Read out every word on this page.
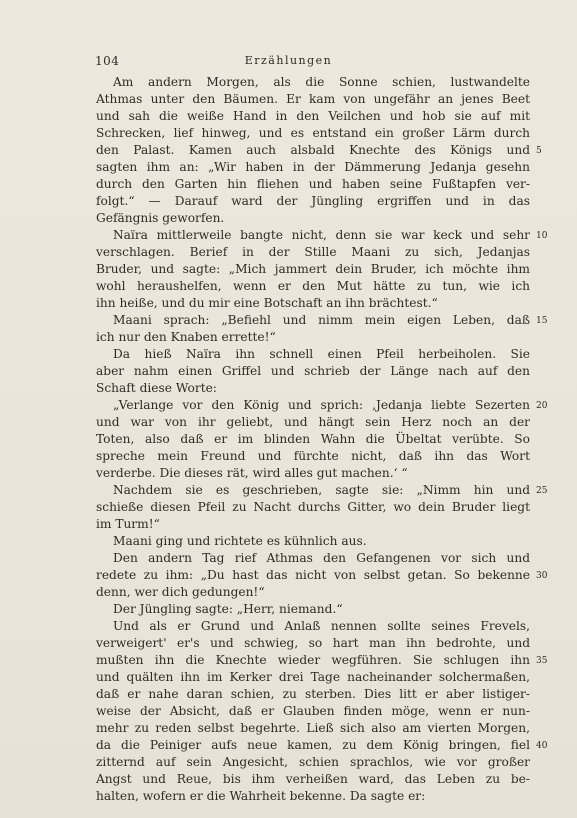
104	Erzählungen
Am andern Morgen, als die Sonne schien, lustwandelte
Athmas unter den Bäumen. Er kam von ungefähr an jenes Beet
und sah die weiße Hand in den Veilchen und hob sie auf mit
Schrecken, lief hinweg, und es entstand ein großer Lärm durch
den Palast. Kamen auch alsbald Knechte des Königs und 5
sagten ihm an: „Wir haben in der Dämmerung Jedanja gesehn
durch den Garten hin fliehen und haben seine Fußtapfen ver-
folgt.“ — Darauf ward der Jüngling ergriffen und in das
Gefängnis geworfen.
Naïra mittlerweile bangte nicht, denn sie war keck und sehr 10
verschlagen. Berief in der Stille Maani zu sich, Jedanjas
Bruder, und sagte: „Mich jammert dein Bruder, ich möchte ihm
wohl heraushelfen, wenn er den Mut hätte zu tun, wie ich
ihn heiße, und du mir eine Botschaft an ihn brächtest.“
Maani sprach: „Befiehl und nimm mein eigen Leben, daß 15
ich nur den Knaben errette!“
Da hieß Naïra ihn schnell einen Pfeil herbeiholen. Sie
aber nahm einen Griffel und schrieb der Länge nach auf den
Schaft diese Worte:
„Verlange vor den König und sprich: ‚Jedanja liebte Sezerten 20
und war von ihr geliebt, und hängt sein Herz noch an der
Toten, also daß er im blinden Wahn die Übeltat verübte. So
spreche mein Freund und fürchte nicht, daß ihn das Wort
verderbe. Die dieses rät, wird alles gut machen.‘ “
Nachdem sie es geschrieben, sagte sie: „Nimm hin und 25
schieße diesen Pfeil zu Nacht durchs Gitter, wo dein Bruder liegt
im Turm!“
Maani ging und richtete es kühnlich aus.
Den andern Tag rief Athmas den Gefangenen vor sich und
redete zu ihm: „Du hast das nicht von selbst getan. So bekenne 30
denn, wer dich gedungen!“
Der Jüngling sagte: „Herr, niemand.“
Und als er Grund und Anlaß nennen sollte seines Frevels,
verweigert' er's und schwieg, so hart man ihn bedrohte, und
mußten ihn die Knechte wieder wegführen. Sie schlugen ihn 35
und quälten ihn im Kerker drei Tage nacheinander solchermaßen,
daß er nahe daran schien, zu sterben. Dies litt er aber listiger-
weise der Absicht, daß er Glauben finden möge, wenn er nun-
mehr zu reden selbst begehrte. Ließ sich also am vierten Morgen,
da die Peiniger aufs neue kamen, zu dem König bringen, fiel 40
zitternd auf sein Angesicht, schien sprachlos, wie vor großer
Angst und Reue, bis ihm verheißen ward, das Leben zu be-
halten, wofern er die Wahrheit bekenne. Da sagte er:
